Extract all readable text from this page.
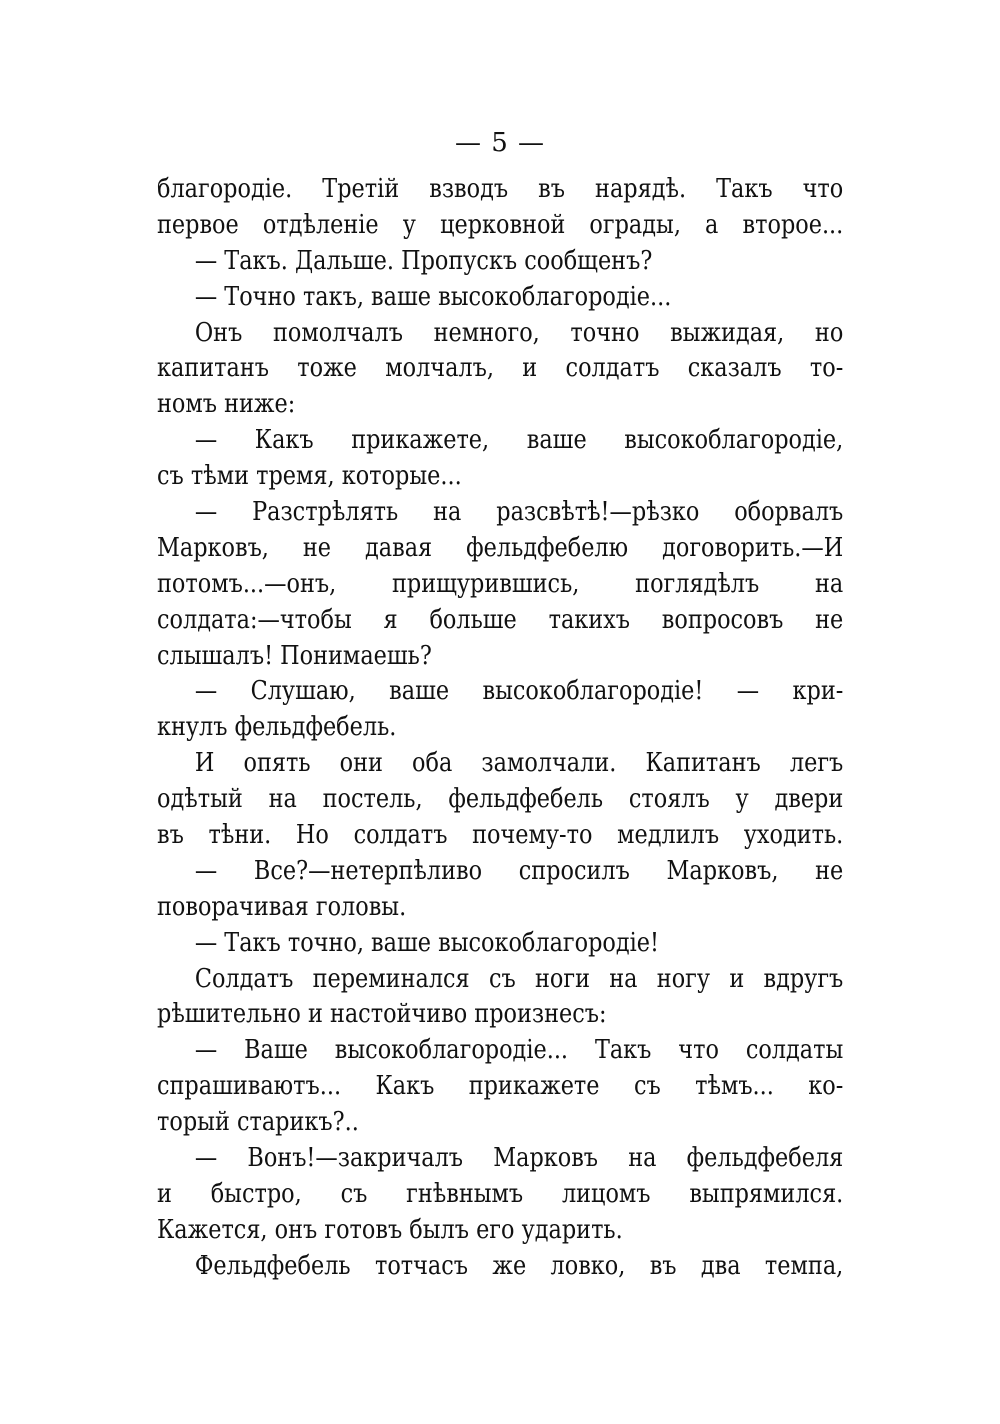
— 5 —
благородіе. Третій взводъ въ нарядѣ. Такъ что
первое отдѣленіе у церковной ограды, а второе...
— Такъ. Дальше. Пропускъ сообщенъ?
— Точно такъ, ваше высокоблагородіе...
Онъ помолчалъ немного, точно выжидая, но
капитанъ тоже молчалъ, и солдатъ сказалъ то-
номъ ниже:
— Какъ прикажете, ваше высокоблагородіе,
съ тѣми тремя, которые...
— Разстрѣлять на разсвѣтѣ!—рѣзко оборвалъ
Марковъ, не давая фельдфебелю договорить.—И
потомъ...—онъ, прищурившись, поглядѣлъ на
солдата:—чтобы я больше такихъ вопросовъ не
слышалъ! Понимаешь?
— Слушаю, ваше высокоблагородіе! — кри-
кнулъ фельдфебель.
И опять они оба замолчали. Капитанъ легъ
одѣтый на постель, фельдфебель стоялъ у двери
въ тѣни. Но солдатъ почему-то медлилъ уходить.
— Все?—нетерпѣливо спросилъ Марковъ, не
поворачивая головы.
— Такъ точно, ваше высокоблагородіе!
Солдатъ переминался съ ноги на ногу и вдругъ
рѣшительно и настойчиво произнесъ:
— Ваше высокоблагородіе... Такъ что солдаты
спрашиваютъ... Какъ прикажете съ тѣмъ... ко-
торый старикъ?..
— Вонъ!—закричалъ Марковъ на фельдфебеля
и быстро, съ гнѣвнымъ лицомъ выпрямился.
Кажется, онъ готовъ былъ его ударить.
Фельдфебель тотчасъ же ловко, въ два темпа,
